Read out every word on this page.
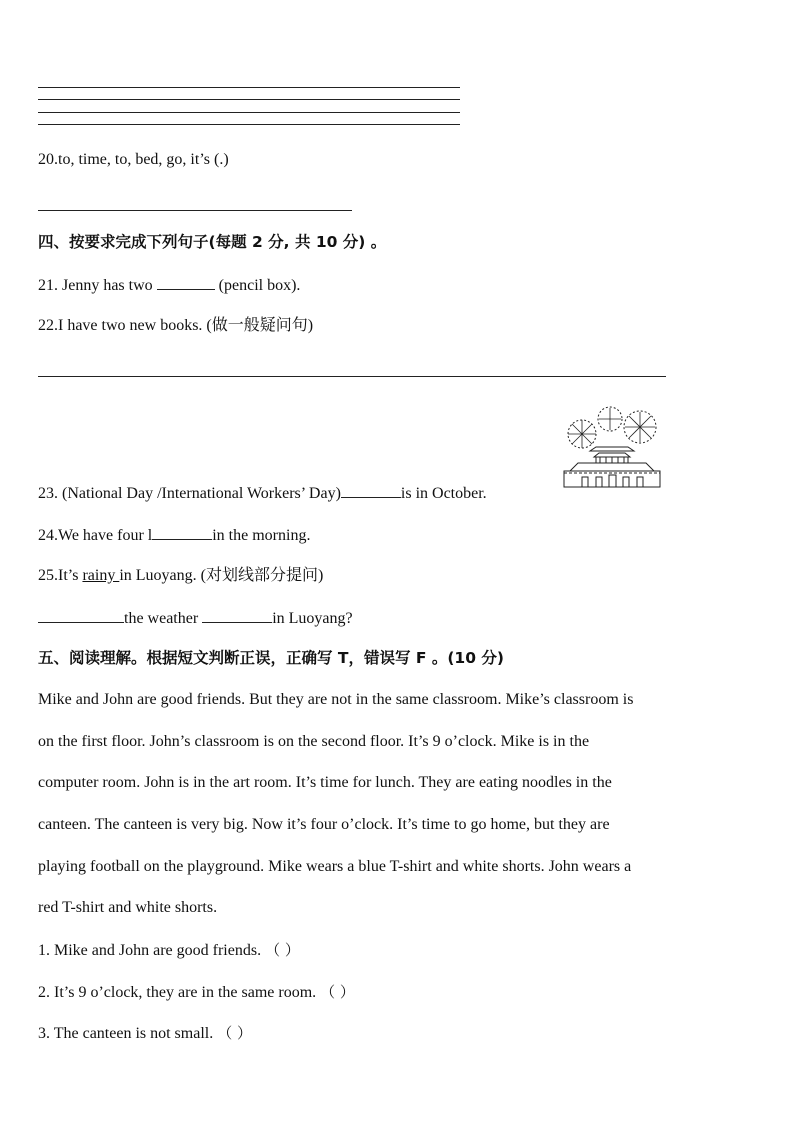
20.to, time, to, bed, go, it’s (.)
四、按要求完成下列句子(每题 2 分, 共 10 分) 。
21. Jenny has two	(pencil box).
22.I have two new books. (做一般疑问句)
23. (National Day /International Workers’ Day)	is in October.
24.We have four l	in the morning.
25.It’s rainy in Luoyang. (对划线部分提问)
the weather	in Luoyang?
五、阅读理解。根据短文判断正误，正确写 T，错误写 F 。(10 分)
Mike and John are good friends. But they are not in the same classroom. Mike’s classroom is
on the first floor. John’s classroom is on the second floor. It’s 9 o’clock. Mike is in the
computer room. John is in the art room. It’s time for lunch. They are eating noodles in the
canteen. The canteen is very big. Now it’s four o’clock. It’s time to go home, but they are
playing football on the playground. Mike wears a blue T-shirt and white shorts. John wears a
red T-shirt and white shorts.
1. Mike and John are good friends. （ ）
2. It’s 9 o’clock, they are in the same room. （ ）
3. The canteen is not small. （ ）
